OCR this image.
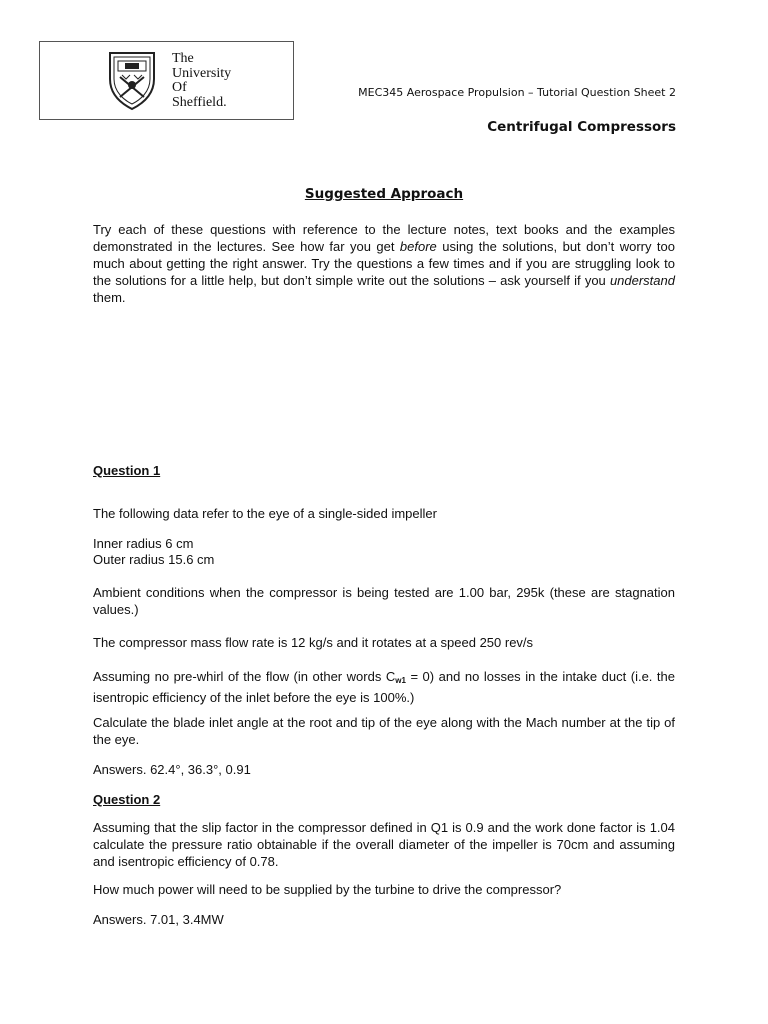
The
University
Of
Sheffield.
MEC345 Aerospace Propulsion – Tutorial Question Sheet 2
Centrifugal Compressors
Suggested Approach

Try each of these questions with reference to the lecture notes, text books and the examples demonstrated in the lectures. See how far you get before using the solutions, but don’t worry too much about getting the right answer. Try the questions a few times and if you are struggling look to the solutions for a little help, but don’t simple write out the solutions – ask yourself if you understand them.

Question 1
The following data refer to the eye of a single-sided impeller
Inner radius 6 cm
Outer radius 15.6 cm

Ambient conditions when the compressor is being tested are 1.00 bar, 295k (these are stagnation values.)

The compressor mass flow rate is 12 kg/s and it rotates at a speed 250 rev/s

Assuming no pre-whirl of the flow (in other words $C_{w1} = 0$) and no losses in the intake duct (i.e. the isentropic efficiency of the inlet before the eye is 100%.)

Calculate the blade inlet angle at the root and tip of the eye along with the Mach number at the tip of the eye.

Answers. 62.4°, 36.3°, 0.91
Question 2

Assuming that the slip factor in the compressor defined in Q1 is 0.9 and the work done factor is 1.04 calculate the pressure ratio obtainable if the overall diameter of the impeller is 70cm and assuming and isentropic efficiency of 0.78.

How much power will need to be supplied by the turbine to drive the compressor?
Answers. 7.01, 3.4MW
